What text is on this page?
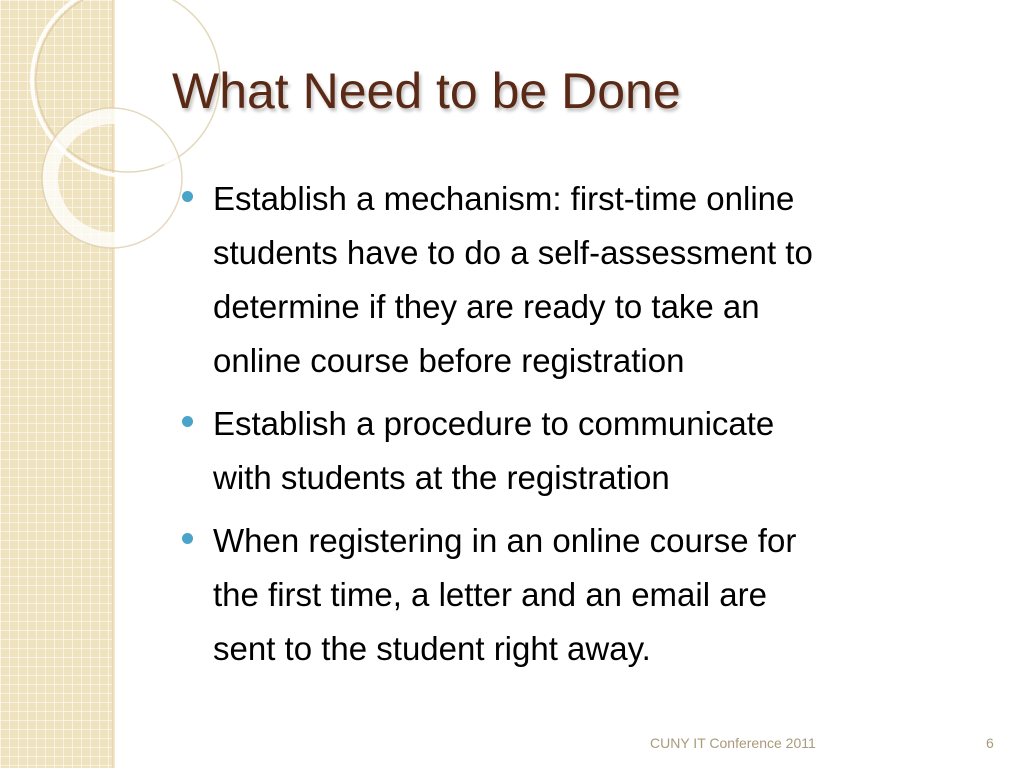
What Need to be Done
Establish a mechanism: first-time online
students have to do a self-assessment to
determine if they are ready to take an
online course before registration
Establish a procedure to communicate
with students at the registration
When registering in an online course for
the first time, a letter and an email are
sent to the student right away.
CUNY IT Conference 2011	6
